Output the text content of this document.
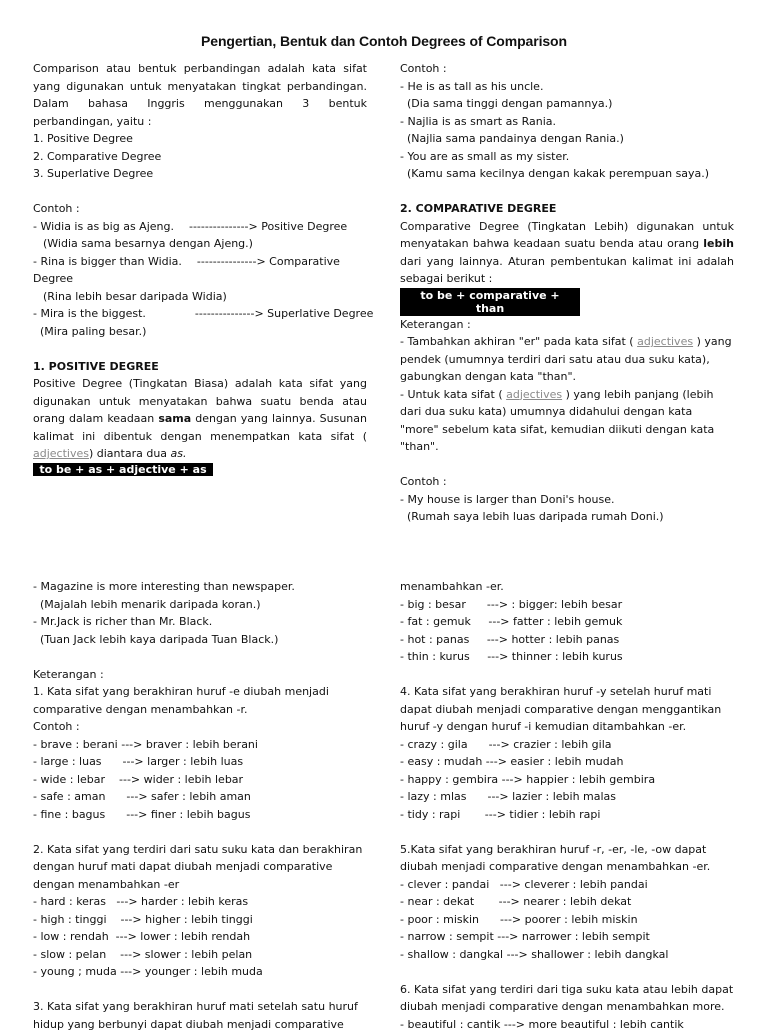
Pengertian, Bentuk dan Contoh Degrees of Comparison
Comparison atau bentuk perbandingan adalah kata sifat yang digunakan untuk menyatakan tingkat perbandingan. Dalam bahasa Inggris menggunakan 3 bentuk perbandingan, yaitu :
1. Positive Degree
2. Comparative Degree
3. Superlative Degree
Contoh :
- Widia is as big as Ajeng. ---------------> Positive Degree
(Widia sama besarnya dengan Ajeng.)
- Rina is bigger than Widia. ---------------> Comparative
Degree
(Rina lebih besar daripada Widia)
- Mira is the biggest.	---------------> Superlative Degree
(Mira paling besar.)
1. POSITIVE DEGREE
Positive Degree (Tingkatan Biasa) adalah kata sifat yang digunakan untuk menyatakan bahwa suatu benda atau orang dalam keadaan sama dengan yang lainnya. Susunan kalimat ini dibentuk dengan menempatkan kata sifat ( adjectives) diantara dua as.
to be + as + adjective + as
Contoh :
- He is as tall as his uncle.
(Dia sama tinggi dengan pamannya.)
- Najlia is as smart as Rania.
(Najlia sama pandainya dengan Rania.)
- You are as small as my sister.
(Kamu sama kecilnya dengan kakak perempuan saya.)
2. COMPARATIVE DEGREE
Comparative Degree (Tingkatan Lebih) digunakan untuk menyatakan bahwa keadaan suatu benda atau orang lebih dari yang lainnya. Aturan pembentukan kalimat ini adalah sebagai berikut :
to be + comparative +
than
Keterangan :
- Tambahkan akhiran "er" pada kata sifat ( adjectives ) yang pendek (umumnya terdiri dari satu atau dua suku kata), gabungkan dengan kata "than".
- Untuk kata sifat ( adjectives ) yang lebih panjang (lebih dari dua suku kata) umumnya didahului dengan kata "more" sebelum kata sifat, kemudian diikuti dengan kata "than".
Contoh :
- My house is larger than Doni's house.
(Rumah saya lebih luas daripada rumah Doni.)
- Magazine is more interesting than newspaper.
(Majalah lebih menarik daripada koran.)
- Mr.Jack is richer than Mr. Black.
(Tuan Jack lebih kaya daripada Tuan Black.)
Keterangan :
1. Kata sifat yang berakhiran huruf -e diubah menjadi comparative dengan menambahkan -r.
Contoh :
- brave : berani ---> braver : lebih berani
- large : luas      ---> larger : lebih luas
- wide : lebar    ---> wider : lebih lebar
- safe : aman      ---> safer : lebih aman
- fine : bagus      ---> finer : lebih bagus
2. Kata sifat yang terdiri dari satu suku kata dan berakhiran dengan huruf mati dapat diubah menjadi comparative dengan menambahkan -er
- hard : keras   ---> harder : lebih keras
- high : tinggi    ---> higher : lebih tinggi
- low : rendah  ---> lower : lebih rendah
- slow : pelan    ---> slower : lebih pelan
- young ; muda ---> younger : lebih muda
3. Kata sifat yang berakhiran huruf mati setelah satu huruf hidup yang berbunyi dapat diubah menjadi comparative
menambahkan -er.
- big : besar      ---> : bigger: lebih besar
- fat : gemuk     ---> fatter : lebih gemuk
- hot : panas     ---> hotter : lebih panas
- thin : kurus     ---> thinner : lebih kurus
4. Kata sifat yang berakhiran huruf -y setelah huruf mati dapat diubah menjadi comparative dengan menggantikan huruf -y dengan huruf -i kemudian ditambahkan -er.
- crazy : gila      ---> crazier : lebih gila
- easy : mudah ---> easier : lebih mudah
- happy : gembira ---> happier : lebih gembira
- lazy : mlas      ---> lazier : lebih malas
- tidy : rapi       ---> tidier : lebih rapi
5.Kata sifat yang berakhiran huruf -r, -er, -le, -ow dapat diubah menjadi comparative dengan menambahkan -er.
- clever : pandai   ---> cleverer : lebih pandai
- near : dekat       ---> nearer : lebih dekat
- poor : miskin      ---> poorer : lebih miskin
- narrow : sempit ---> narrower : lebih sempit
- shallow : dangkal ---> shallower : lebih dangkal
6. Kata sifat yang terdiri dari tiga suku kata atau lebih dapat diubah menjadi comparative dengan menambahkan more.
- beautiful : cantik ---> more beautiful : lebih cantik
